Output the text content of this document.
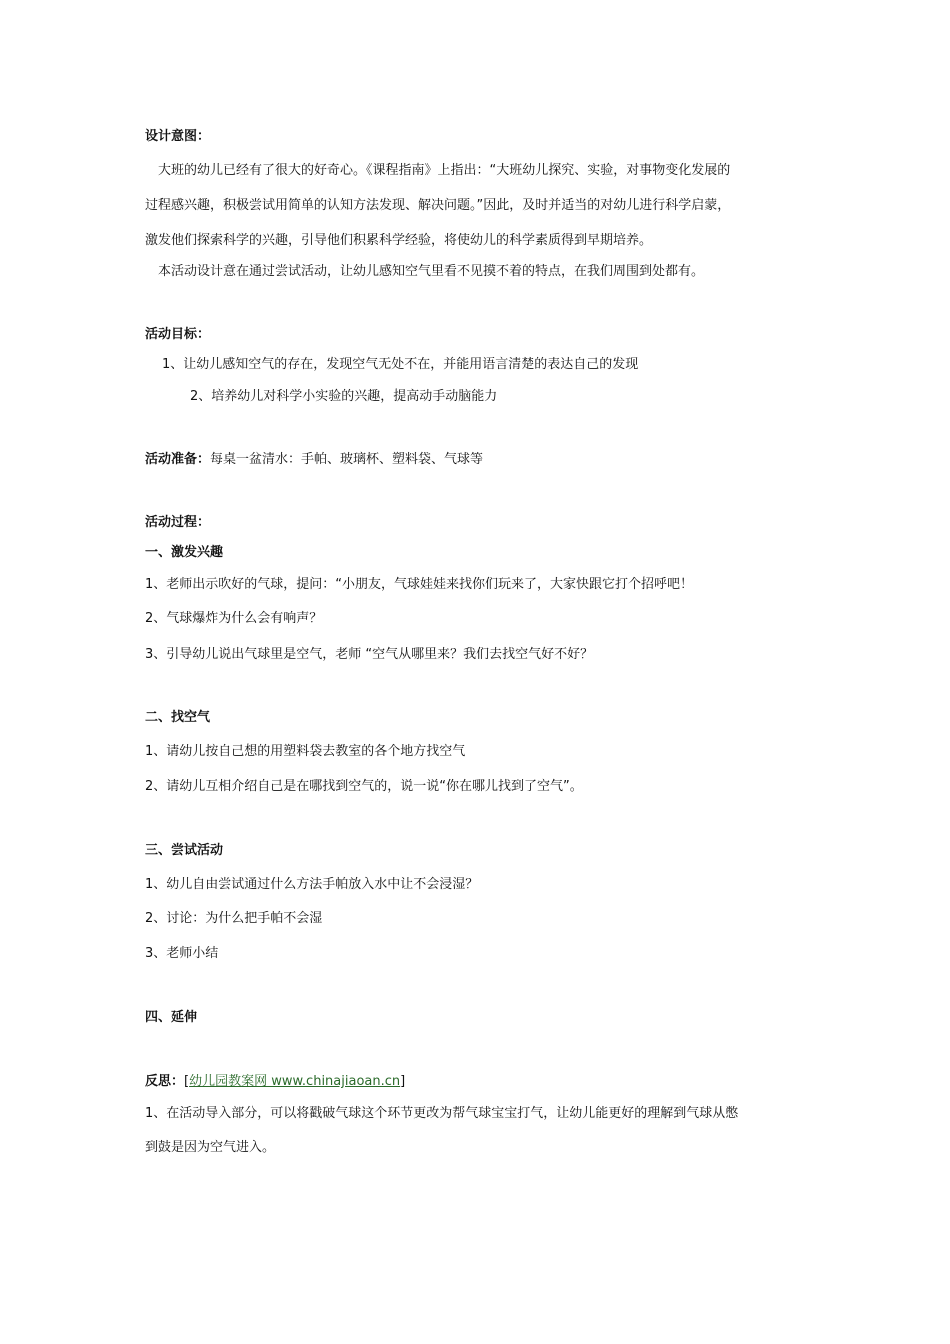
设计意图：
大班的幼儿已经有了很大的好奇心。《课程指南》上指出：“大班幼儿探究、实验，对事物变化发展的
过程感兴趣，积极尝试用简单的认知方法发现、解决问题。”因此，及时并适当的对幼儿进行科学启蒙，
激发他们探索科学的兴趣，引导他们积累科学经验，将使幼儿的科学素质得到早期培养。
本活动设计意在通过尝试活动，让幼儿感知空气里看不见摸不着的特点，在我们周围到处都有。
活动目标：
1、让幼儿感知空气的存在，发现空气无处不在，并能用语言清楚的表达自己的发现
2、培养幼儿对科学小实验的兴趣，提高动手动脑能力
活动准备：每桌一盆清水：手帕、玻璃杯、塑料袋、气球等
活动过程：
一、激发兴趣
1、老师出示吹好的气球，提问：“小朋友，气球娃娃来找你们玩来了，大家快跟它打个招呼吧！
2、气球爆炸为什么会有响声？
3、引导幼儿说出气球里是空气，老师 “空气从哪里来？我们去找空气好不好？
二、找空气
1、请幼儿按自己想的用塑料袋去教室的各个地方找空气
2、请幼儿互相介绍自己是在哪找到空气的，说一说“你在哪儿找到了空气”。
三、尝试活动
1、幼儿自由尝试通过什么方法手帕放入水中让不会浸湿？
2、讨论：为什么把手帕不会湿
3、老师小结
四、延伸
反思：[幼儿园教案网 www.chinajiaoan.cn]
1、在活动导入部分，可以将戳破气球这个环节更改为帮气球宝宝打气，让幼儿能更好的理解到气球从憋
到鼓是因为空气进入。
